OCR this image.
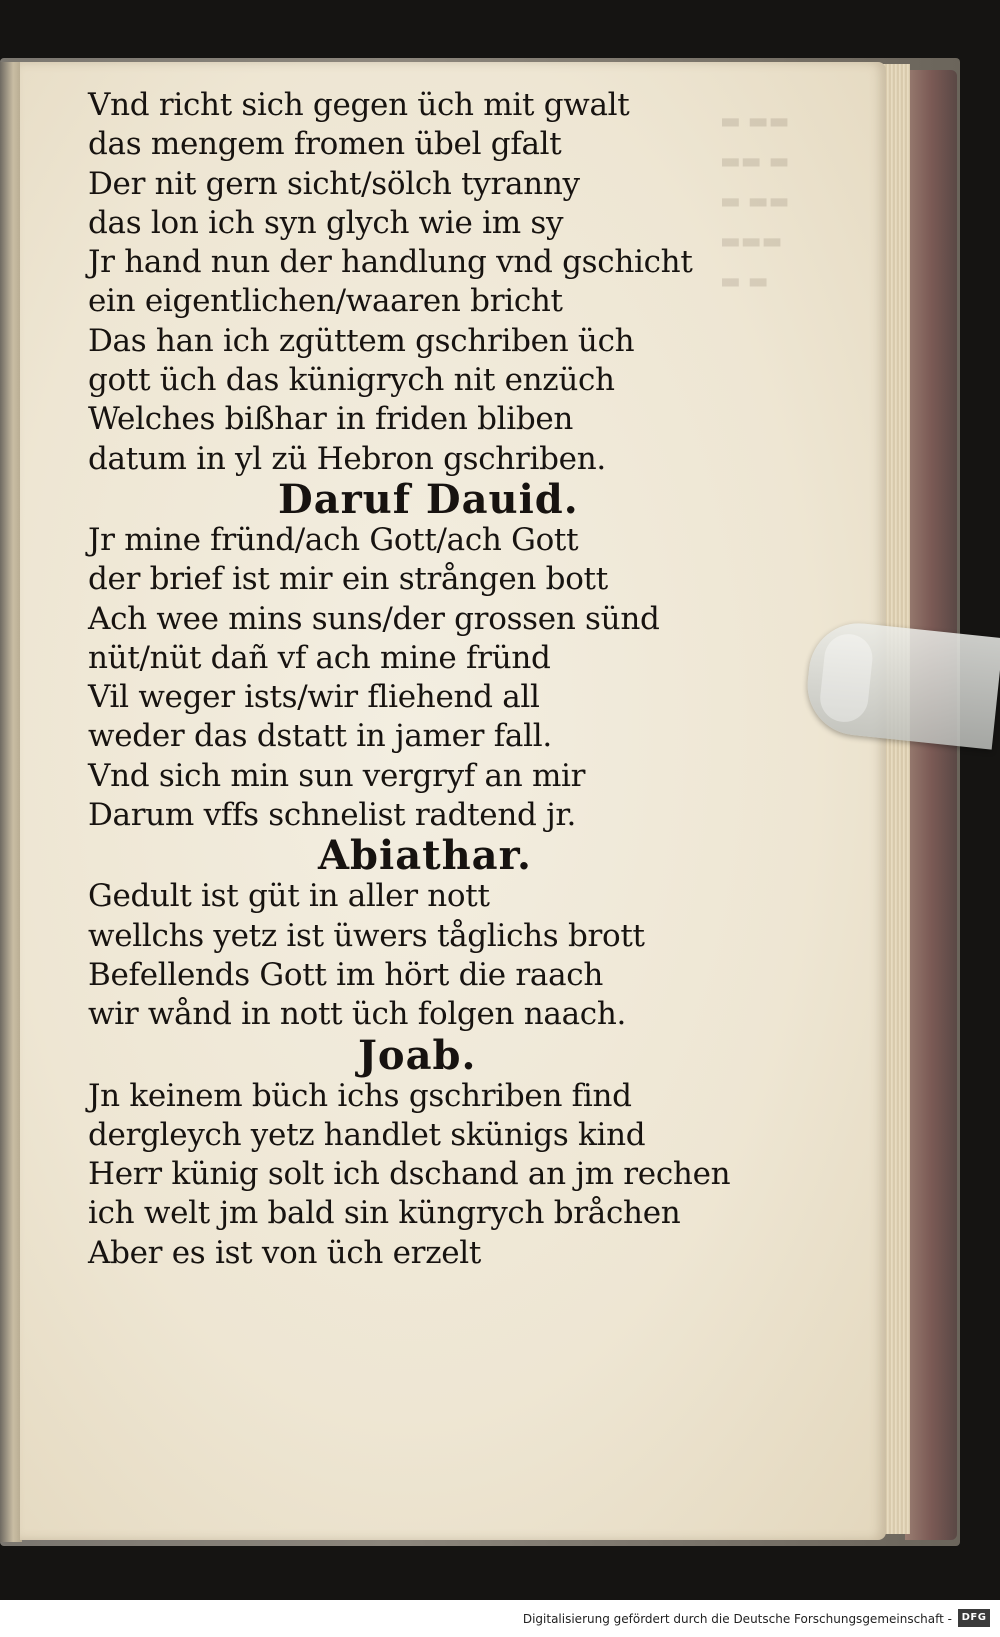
▬ ▬▬
▬▬ ▬
▬ ▬▬
▬▬▬
▬ ▬
Vnd richt sich gegen üch mit gwalt
das mengem fromen übel gfalt
Der nit gern sicht/sölch tyranny
das lon ich syn glych wie im sy
Jr hand nun der handlung vnd gschicht
ein eigentlichen/waaren bricht
Das han ich zgüttem gschriben üch
gott üch das künigrych nit enzüch
Welches bißhar in friden bliben
datum in yl zü Hebron gschriben.
Daruf Dauid.
Jr mine fründ/ach Gott/ach Gott
der brief ist mir ein strången bott
Ach wee mins suns/der grossen sünd
nüt/nüt dañ vf ach mine fründ
Vil weger ists/wir fliehend all
weder das dstatt in jamer fall.
Vnd sich min sun vergryf an mir
Darum vffs schnelist radtend jr.
Abiathar.
Gedult ist güt in aller nott
wellchs yetz ist üwers tåglichs brott
Befellends Gott im hört die raach
wir wånd in nott üch folgen naach.
Joab.
Jn keinem büch ichs gschriben find
dergleych yetz handlet skünigs kind
Herr künig solt ich dschand an jm rechen
ich welt jm bald sin küngrych bråchen
Aber es ist von üch erzelt
Digitalisierung gefördert durch die Deutsche Forschungsgemeinschaft - DFG
